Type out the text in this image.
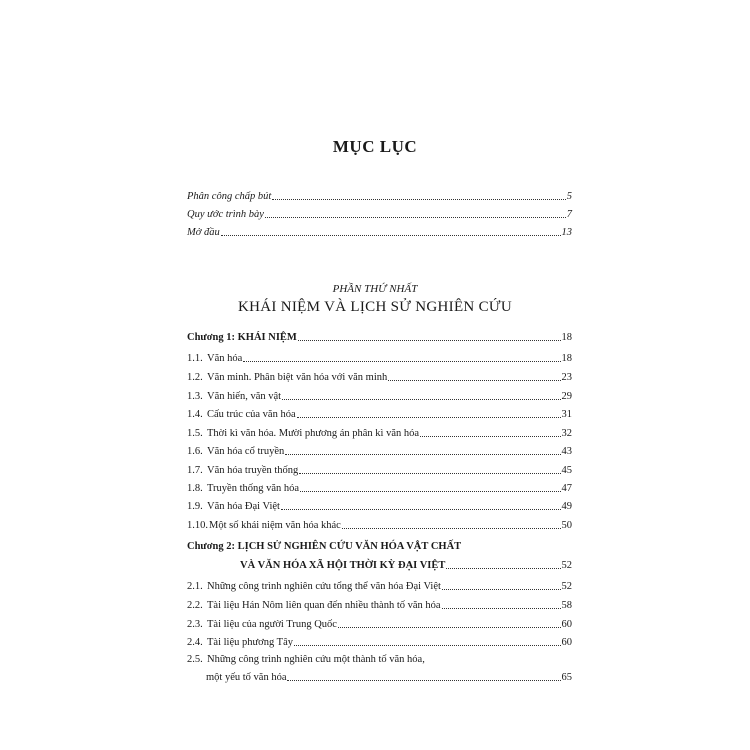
MỤC LỤC
Phân công chấp bút	5
Quy ước trình bày	7
Mở đầu	13
PHẦN THỨ NHẤT
KHÁI NIỆM VÀ LỊCH SỬ NGHIÊN CỨU
Chương 1: KHÁI NIỆM	18
1.1. Văn hóa	18
1.2. Văn minh. Phân biệt văn hóa với văn minh	23
1.3. Văn hiến, văn vật	29
1.4. Cấu trúc của văn hóa	31
1.5. Thời kì văn hóa. Mười phương án phân kì văn hóa	32
1.6. Văn hóa cổ truyền	43
1.7. Văn hóa truyền thống	45
1.8. Truyền thống văn hóa	47
1.9. Văn hóa Đại Việt	49
1.10.Một số khái niệm văn hóa khác	50
Chương 2: LỊCH SỬ NGHIÊN CỨU VĂN HÓA VẬT CHẤT
VÀ VĂN HÓA XÃ HỘI THỜI KỲ ĐẠI VIỆT	52
2.1. Những công trình nghiên cứu tổng thể văn hóa Đại Việt	52
2.2. Tài liệu Hán Nôm liên quan đến nhiều thành tố văn hóa	58
2.3. Tài liệu của người Trung Quốc	60
2.4. Tài liệu phương Tây	60
2.5. Những công trình nghiên cứu một thành tố văn hóa,
một yếu tố văn hóa	65
